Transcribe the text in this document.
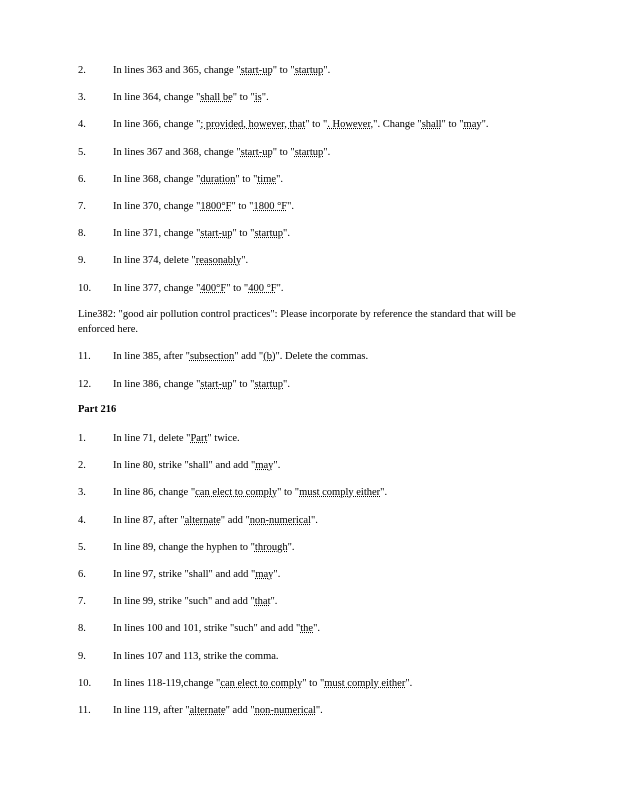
2.	In lines 363 and 365, change "start-up" to "startup".
3.	In line 364, change "shall be" to "is".
4.	In line 366, change "; provided, however, that" to ". However,". Change "shall" to "may".
5.	In lines 367 and 368, change "start-up" to "startup".
6.	In line 368, change "duration" to "time".
7.	In line 370, change "1800°F" to "1800 °F".
8.	In line 371, change "start-up" to "startup".
9.	In line 374, delete "reasonably".
10. In line 377, change "400°F" to "400 °F".
Line382: "good air pollution control practices": Please incorporate by reference the standard that will be enforced here.
11. In line 385, after "subsection" add "(b)". Delete the commas.
12. In line 386, change "start-up" to "startup".
Part 216
1.	In line 71, delete "Part" twice.
2.	In line 80, strike "shall" and add "may".
3.	In line 86, change "can elect to comply" to "must comply either".
4.	In line 87, after "alternate" add "non-numerical".
5.	In line 89, change the hyphen to "through".
6.	In line 97, strike "shall" and add "may".
7.	In line 99, strike "such" and add "that".
8.	In lines 100 and 101, strike "such" and add "the".
9.	In lines 107 and 113, strike the comma.
10. In lines 118-119,change "can elect to comply" to "must comply either".
11. In line 119, after "alternate" add "non-numerical".
